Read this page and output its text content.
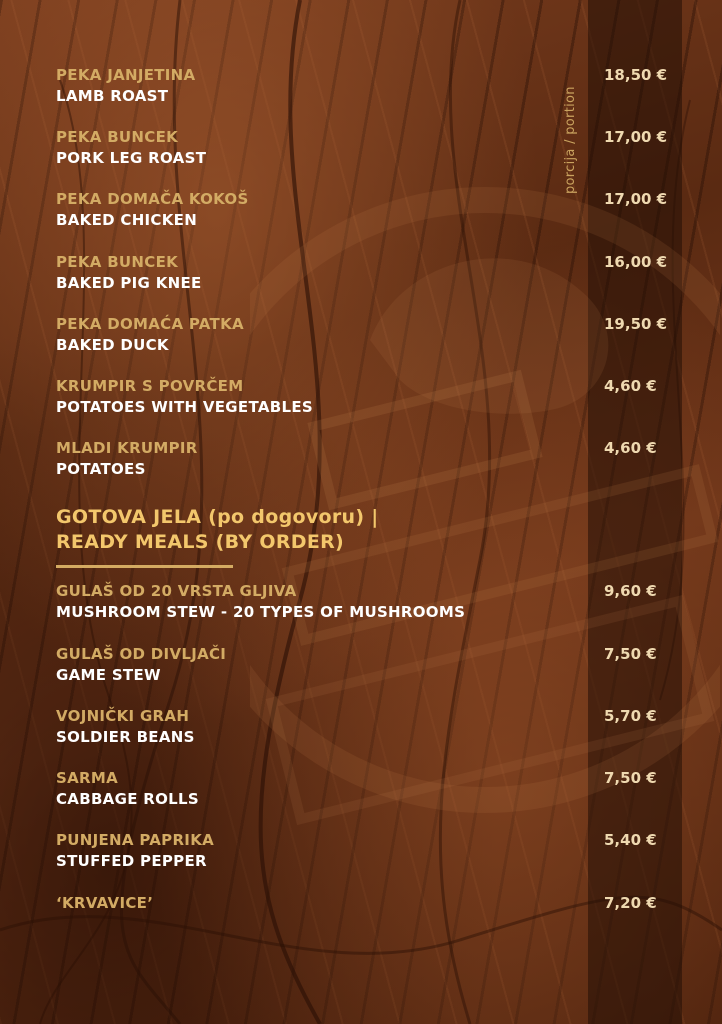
porcija / portion
PEKA JANJETINA
LAMB ROAST
18,50 €
PEKA BUNCEK
PORK LEG ROAST
17,00 €
PEKA DOMAČA KOKOŠ
BAKED CHICKEN
17,00 €
PEKA BUNCEK
BAKED PIG KNEE
16,00 €
PEKA DOMAĆA PATKA
BAKED DUCK
19,50 €
KRUMPIR S POVRČEM
POTATOES WITH VEGETABLES
4,60 €
MLADI KRUMPIR
POTATOES
4,60 €
GOTOVA JELA (po dogovoru) |
READY MEALS (BY ORDER)
GULAŠ OD 20 VRSTA GLJIVA
MUSHROOM STEW - 20 TYPES OF MUSHROOMS
9,60 €
GULAŠ OD DIVLJAČI
GAME STEW
7,50 €
VOJNIČKI GRAH
SOLDIER BEANS
5,70 €
SARMA
CABBAGE ROLLS
7,50 €
PUNJENA PAPRIKA
STUFFED PEPPER
5,40 €
‘KRVAVICE’	7,20 €
